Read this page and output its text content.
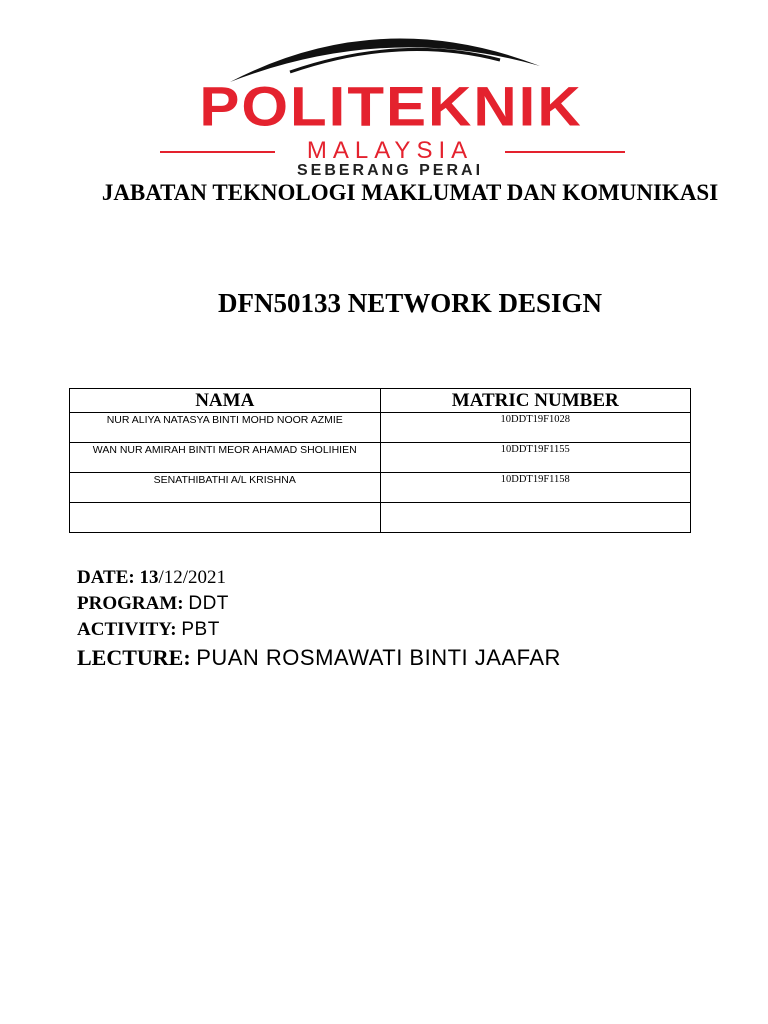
POLITEKNIK
MALAYSIA
SEBERANG PERAI
JABATAN TEKNOLOGI MAKLUMAT DAN KOMUNIKASI
DFN50133 NETWORK DESIGN
NAMA	MATRIC NUMBER
NUR ALIYA NATASYA BINTI MOHD NOOR AZMIE	10DDT19F1028
WAN NUR AMIRAH BINTI MEOR AHAMAD SHOLIHIEN	10DDT19F1155
SENATHIBATHI A/L KRISHNA	10DDT19F1158

DATE: 13/12/2021
PROGRAM: DDT
ACTIVITY: PBT
LECTURE: PUAN ROSMAWATI BINTI JAAFAR
